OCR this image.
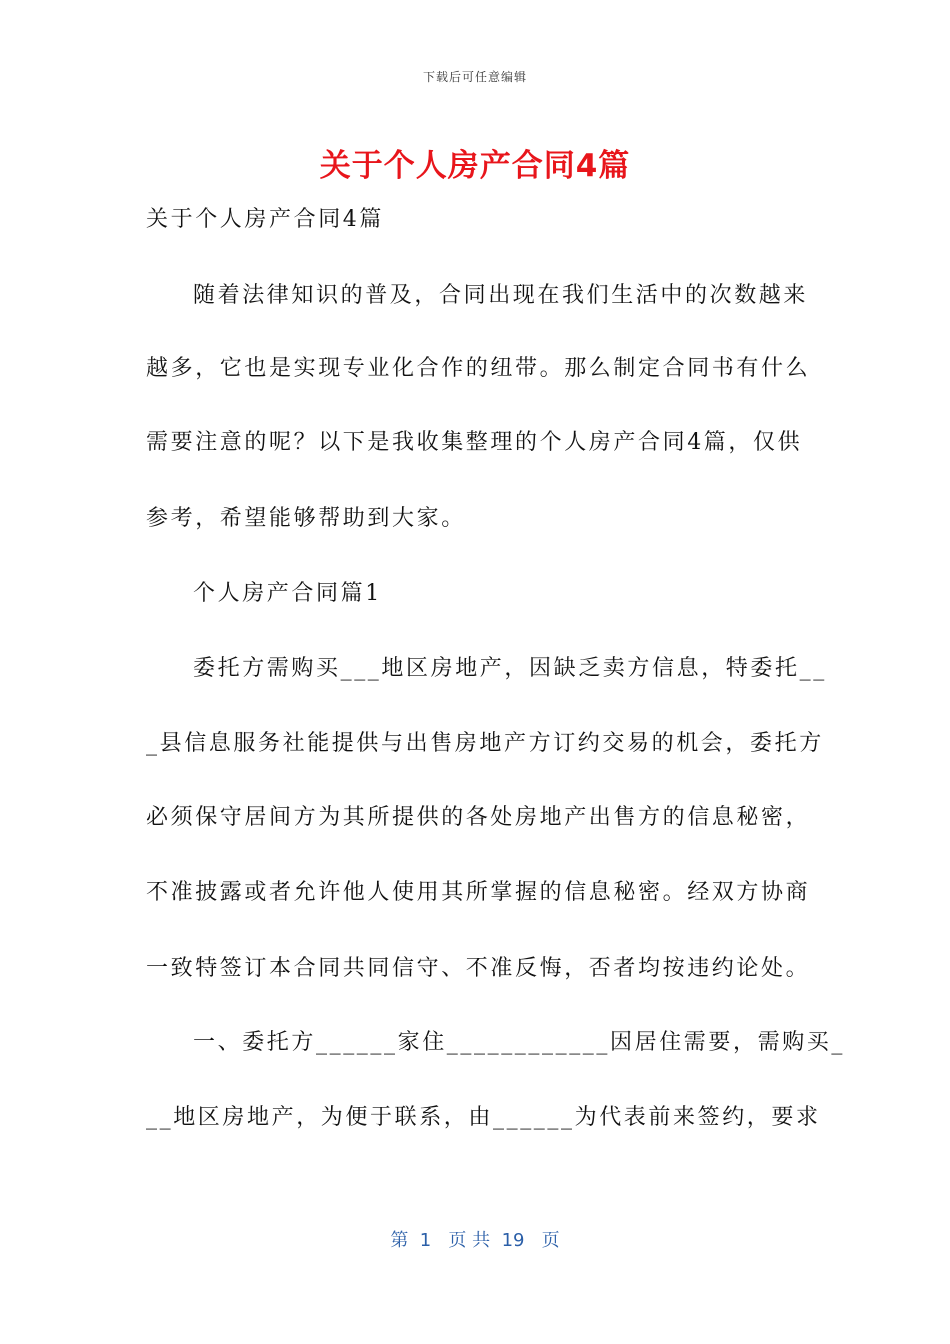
下载后可任意编辑
关于个人房产合同4篇
关于个人房产合同4篇
随着法律知识的普及，合同出现在我们生活中的次数越来
越多，它也是实现专业化合作的纽带。那么制定合同书有什么
需要注意的呢？以下是我收集整理的个人房产合同4篇，仅供
参考，希望能够帮助到大家。
个人房产合同篇1
委托方需购买___地区房地产，因缺乏卖方信息，特委托__
_县信息服务社能提供与出售房地产方订约交易的机会，委托方
必须保守居间方为其所提供的各处房地产出售方的信息秘密，
不准披露或者允许他人使用其所掌握的信息秘密。经双方协商
一致特签订本合同共同信守、不准反悔，否者均按违约论处。
一、委托方______家住____________因居住需要，需购买_
__地区房地产，为便于联系，由______为代表前来签约，要求
第  1   页 共  19   页
